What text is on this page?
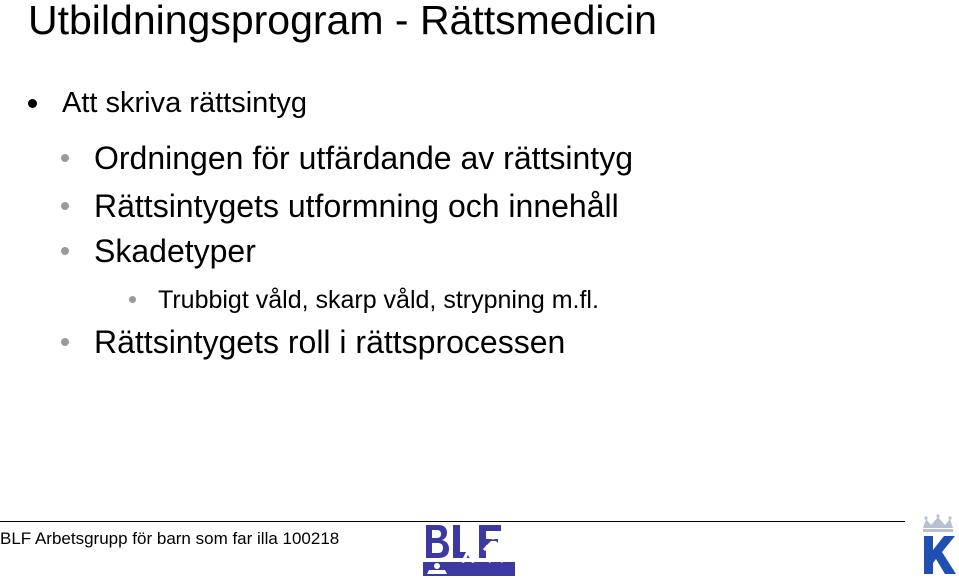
Utbildningsprogram - Rättsmedicin
Att skriva rättsintyg
Ordningen för utfärdande av rättsintyg
Rättsintygets utformning och innehåll
Skadetyper
Trubbigt våld, skarp våld, strypning m.fl.
Rättsintygets roll i rättsprocessen
BLF Arbetsgrupp för barn som far illa 100218
